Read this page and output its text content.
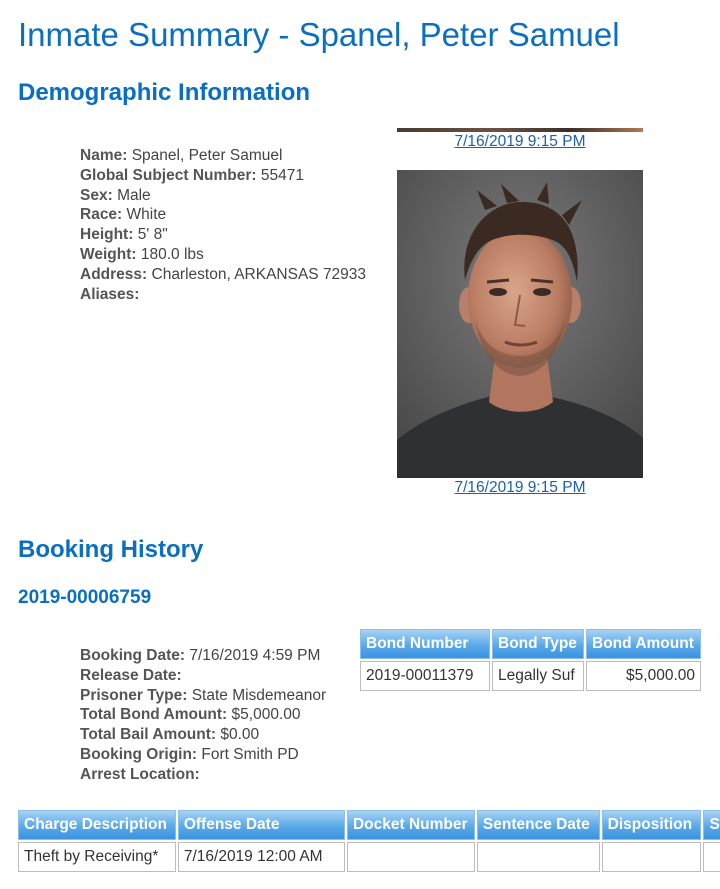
Inmate Summary - Spanel, Peter Samuel
Demographic Information
Name: Spanel, Peter Samuel
Global Subject Number: 55471
Sex: Male
Race: White
Height: 5' 8"
Weight: 180.0 lbs
Address: Charleston, ARKANSAS 72933
Aliases:
7/16/2019 9:15 PM
7/16/2019 9:15 PM
Booking History
2019-00006759
Booking Date: 7/16/2019 4:59 PM
Release Date:
Prisoner Type: State Misdemeanor
Total Bond Amount: $5,000.00
Total Bail Amount: $0.00
Booking Origin: Fort Smith PD
Arrest Location:
Bond Number	Bond Type	Bond Amount
2019-00011379	Legally Suf	$5,000.00
Charge Description	Offense Date	Docket Number	Sentence Date	Disposition	S
Theft by Receiving*	7/16/2019 12:00 AM				
